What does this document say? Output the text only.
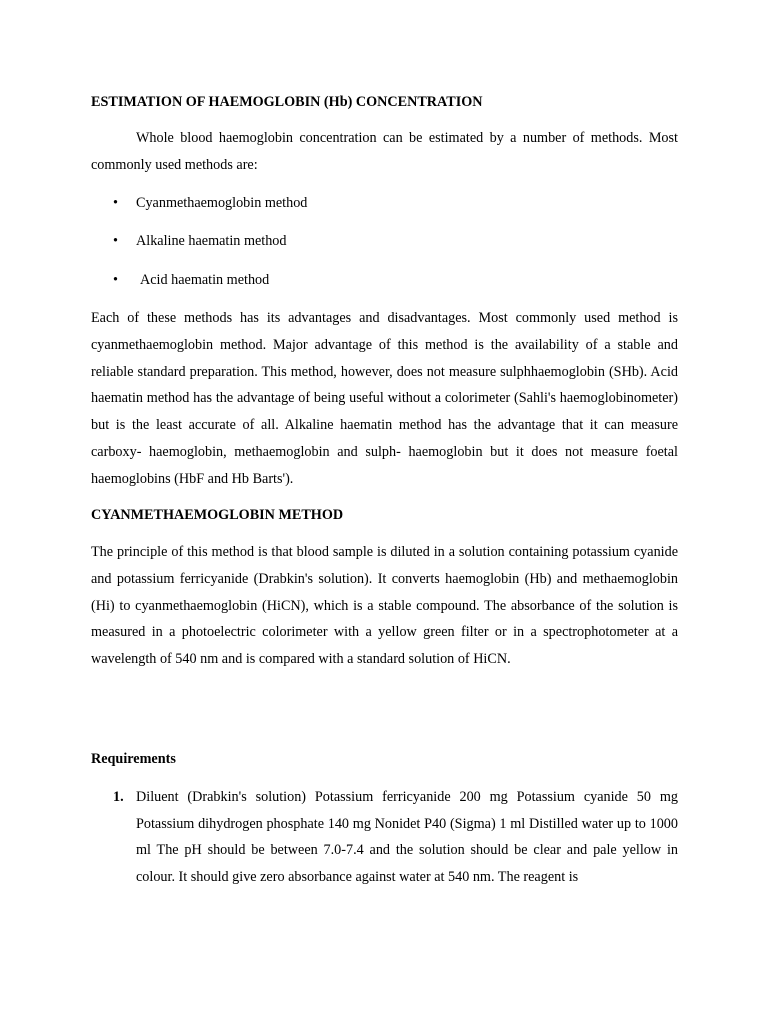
ESTIMATION OF HAEMOGLOBIN (Hb) CONCENTRATION

Whole blood haemoglobin concentration can be estimated by a number of methods. Most commonly used methods are:

• Cyanmethaemoglobin method
• Alkaline haematin method
• Acid haematin method

Each of these methods has its advantages and disadvantages. Most commonly used method is cyanmethaemoglobin method. Major advantage of this method is the availability of a stable and reliable standard preparation. This method, however, does not measure sulphhaemoglobin (SHb). Acid haematin method has the advantage of being useful without a colorimeter (Sahli's haemoglobinometer) but is the least accurate of all. Alkaline haematin method has the advantage that it can measure carboxy- haemoglobin, methaemoglobin and sulph- haemoglobin but it does not measure foetal haemoglobins (HbF and Hb Barts').

CYANMETHAEMOGLOBIN METHOD

The principle of this method is that blood sample is diluted in a solution containing potassium cyanide and potassium ferricyanide (Drabkin's solution). It converts haemoglobin (Hb) and methaemoglobin (Hi) to cyanmethaemoglobin (HiCN), which is a stable compound. The absorbance of the solution is measured in a photoelectric colorimeter with a yellow green filter or in a spectrophotometer at a wavelength of 540 nm and is compared with a standard solution of HiCN.

Requirements

1. Diluent (Drabkin's solution) Potassium ferricyanide 200 mg Potassium cyanide 50 mg Potassium dihydrogen phosphate 140 mg Nonidet P40 (Sigma) 1 ml Distilled water up to 1000 ml The pH should be between 7.0-7.4 and the solution should be clear and pale yellow in colour. It should give zero absorbance against water at 540 nm. The reagent is
